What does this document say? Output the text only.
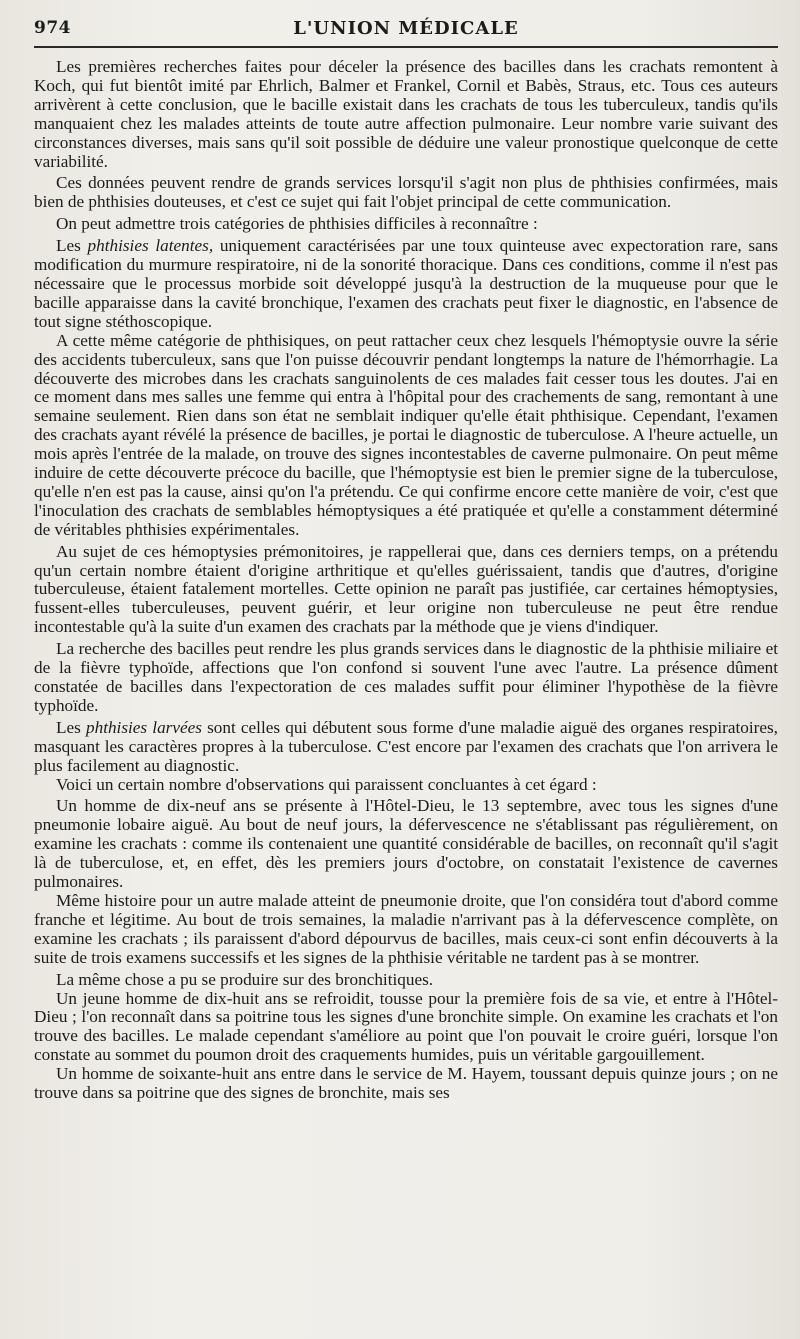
974	L'UNION MÉDICALE

Les premières recherches faites pour déceler la présence des bacilles dans les crachats remontent à Koch, qui fut bientôt imité par Ehrlich, Balmer et Frankel, Cornil et Babès, Straus, etc. Tous ces auteurs arrivèrent à cette conclusion, que le bacille existait dans les crachats de tous les tuberculeux, tandis qu'ils manquaient chez les malades atteints de toute autre affection pulmonaire. Leur nombre varie suivant des circonstances diverses, mais sans qu'il soit possible de déduire une valeur pronostique quelconque de cette variabilité.

Ces données peuvent rendre de grands services lorsqu'il s'agit non plus de phthisies confirmées, mais bien de phthisies douteuses, et c'est ce sujet qui fait l'objet principal de cette communication.

On peut admettre trois catégories de phthisies difficiles à reconnaître :

Les phthisies latentes, uniquement caractérisées par une toux quinteuse avec expectoration rare, sans modification du murmure respiratoire, ni de la sonorité thoracique. Dans ces conditions, comme il n'est pas nécessaire que le processus morbide soit développé jusqu'à la destruction de la muqueuse pour que le bacille apparaisse dans la cavité bronchique, l'examen des crachats peut fixer le diagnostic, en l'absence de tout signe stéthoscopique.

A cette même catégorie de phthisiques, on peut rattacher ceux chez lesquels l'hémoptysie ouvre la série des accidents tuberculeux, sans que l'on puisse découvrir pendant longtemps la nature de l'hémorrhagie. La découverte des microbes dans les crachats sanguinolents de ces malades fait cesser tous les doutes. J'ai en ce moment dans mes salles une femme qui entra à l'hôpital pour des crachements de sang, remontant à une semaine seulement. Rien dans son état ne semblait indiquer qu'elle était phthisique. Cependant, l'examen des crachats ayant révélé la présence de bacilles, je portai le diagnostic de tuberculose. A l'heure actuelle, un mois après l'entrée de la malade, on trouve des signes incontestables de caverne pulmonaire. On peut même induire de cette découverte précoce du bacille, que l'hémoptysie est bien le premier signe de la tuberculose, qu'elle n'en est pas la cause, ainsi qu'on l'a prétendu. Ce qui confirme encore cette manière de voir, c'est que l'inoculation des crachats de semblables hémoptysiques a été pratiquée et qu'elle a constamment déterminé de véritables phthisies expérimentales.

Au sujet de ces hémoptysies prémonitoires, je rappellerai que, dans ces derniers temps, on a prétendu qu'un certain nombre étaient d'origine arthritique et qu'elles guérissaient, tandis que d'autres, d'origine tuberculeuse, étaient fatalement mortelles. Cette opinion ne paraît pas justifiée, car certaines hémoptysies, fussent-elles tuberculeuses, peuvent guérir, et leur origine non tuberculeuse ne peut être rendue incontestable qu'à la suite d'un examen des crachats par la méthode que je viens d'indiquer.

La recherche des bacilles peut rendre les plus grands services dans le diagnostic de la phthisie miliaire et de la fièvre typhoïde, affections que l'on confond si souvent l'une avec l'autre. La présence dûment constatée de bacilles dans l'expectoration de ces malades suffit pour éliminer l'hypothèse de la fièvre typhoïde.

Les phthisies larvées sont celles qui débutent sous forme d'une maladie aiguë des organes respiratoires, masquant les caractères propres à la tuberculose. C'est encore par l'examen des crachats que l'on arrivera le plus facilement au diagnostic.

Voici un certain nombre d'observations qui paraissent concluantes à cet égard :

Un homme de dix-neuf ans se présente à l'Hôtel-Dieu, le 13 septembre, avec tous les signes d'une pneumonie lobaire aiguë. Au bout de neuf jours, la défervescence ne s'établissant pas régulièrement, on examine les crachats : comme ils contenaient une quantité considérable de bacilles, on reconnaît qu'il s'agit là de tuberculose, et, en effet, dès les premiers jours d'octobre, on constatait l'existence de cavernes pulmonaires.

Même histoire pour un autre malade atteint de pneumonie droite, que l'on considéra tout d'abord comme franche et légitime. Au bout de trois semaines, la maladie n'arrivant pas à la défervescence complète, on examine les crachats ; ils paraissent d'abord dépourvus de bacilles, mais ceux-ci sont enfin découverts à la suite de trois examens successifs et les signes de la phthisie véritable ne tardent pas à se montrer.

La même chose a pu se produire sur des bronchitiques.

Un jeune homme de dix-huit ans se refroidit, tousse pour la première fois de sa vie, et entre à l'Hôtel-Dieu ; l'on reconnaît dans sa poitrine tous les signes d'une bronchite simple. On examine les crachats et l'on trouve des bacilles. Le malade cependant s'améliore au point que l'on pouvait le croire guéri, lorsque l'on constate au sommet du poumon droit des craquements humides, puis un véritable gargouillement.

Un homme de soixante-huit ans entre dans le service de M. Hayem, toussant depuis quinze jours ; on ne trouve dans sa poitrine que des signes de bronchite, mais ses
